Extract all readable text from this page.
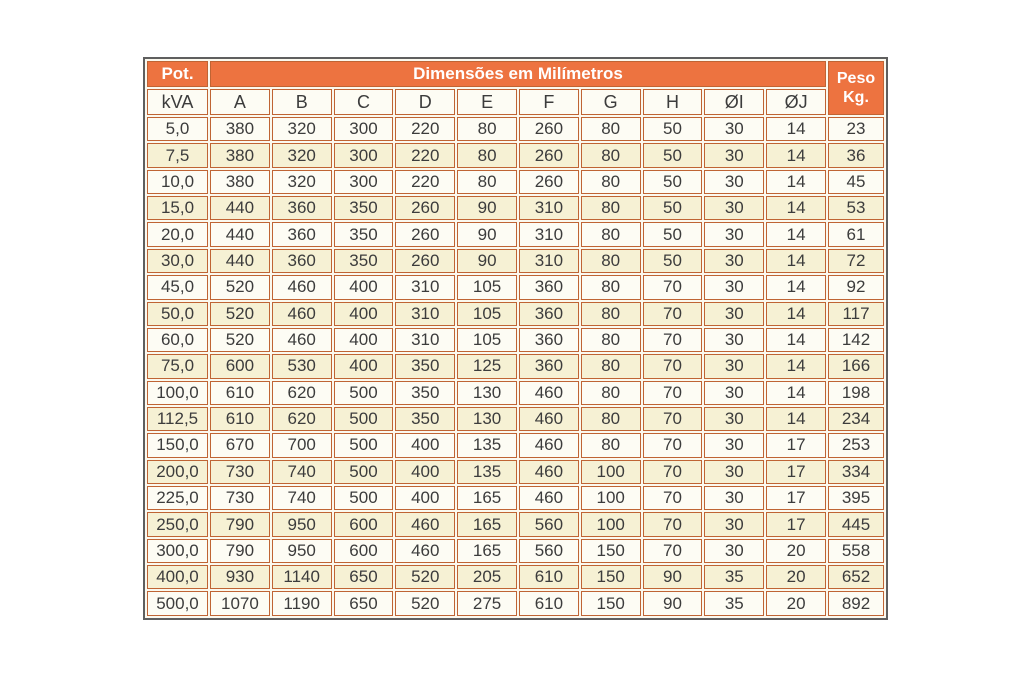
Pot.	Dimensões em Milímetros										Peso
Kg.
kVA	A	B	C	D	E	F	G	H	ØI	ØJ	
5,0	380	320	300	220	80	260	80	50	30	14	23
7,5	380	320	300	220	80	260	80	50	30	14	36
10,0	380	320	300	220	80	260	80	50	30	14	45
15,0	440	360	350	260	90	310	80	50	30	14	53
20,0	440	360	350	260	90	310	80	50	30	14	61
30,0	440	360	350	260	90	310	80	50	30	14	72
45,0	520	460	400	310	105	360	80	70	30	14	92
50,0	520	460	400	310	105	360	80	70	30	14	117
60,0	520	460	400	310	105	360	80	70	30	14	142
75,0	600	530	400	350	125	360	80	70	30	14	166
100,0	610	620	500	350	130	460	80	70	30	14	198
112,5	610	620	500	350	130	460	80	70	30	14	234
150,0	670	700	500	400	135	460	80	70	30	17	253
200,0	730	740	500	400	135	460	100	70	30	17	334
225,0	730	740	500	400	165	460	100	70	30	17	395
250,0	790	950	600	460	165	560	100	70	30	17	445
300,0	790	950	600	460	165	560	150	70	30	20	558
400,0	930	1140	650	520	205	610	150	90	35	20	652
500,0	1070	1190	650	520	275	610	150	90	35	20	892
